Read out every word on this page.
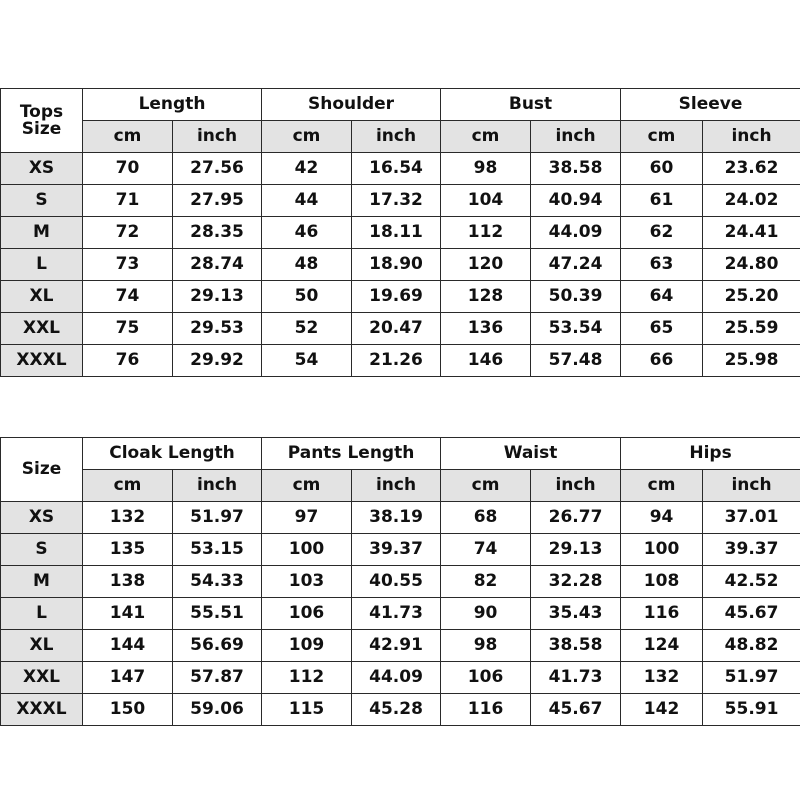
Tops
Size	Length		Shoulder		Bust		Sleeve	
	cm	inch	cm	inch	cm	inch	cm	inch
XS	70	27.56	42	16.54	98	38.58	60	23.62
S	71	27.95	44	17.32	104	40.94	61	24.02
M	72	28.35	46	18.11	112	44.09	62	24.41
L	73	28.74	48	18.90	120	47.24	63	24.80
XL	74	29.13	50	19.69	128	50.39	64	25.20
XXL	75	29.53	52	20.47	136	53.54	65	25.59
XXXL	76	29.92	54	21.26	146	57.48	66	25.98
Size	Cloak Length		Pants Length		Waist		Hips	
	cm	inch	cm	inch	cm	inch	cm	inch
XS	132	51.97	97	38.19	68	26.77	94	37.01
S	135	53.15	100	39.37	74	29.13	100	39.37
M	138	54.33	103	40.55	82	32.28	108	42.52
L	141	55.51	106	41.73	90	35.43	116	45.67
XL	144	56.69	109	42.91	98	38.58	124	48.82
XXL	147	57.87	112	44.09	106	41.73	132	51.97
XXXL	150	59.06	115	45.28	116	45.67	142	55.91
